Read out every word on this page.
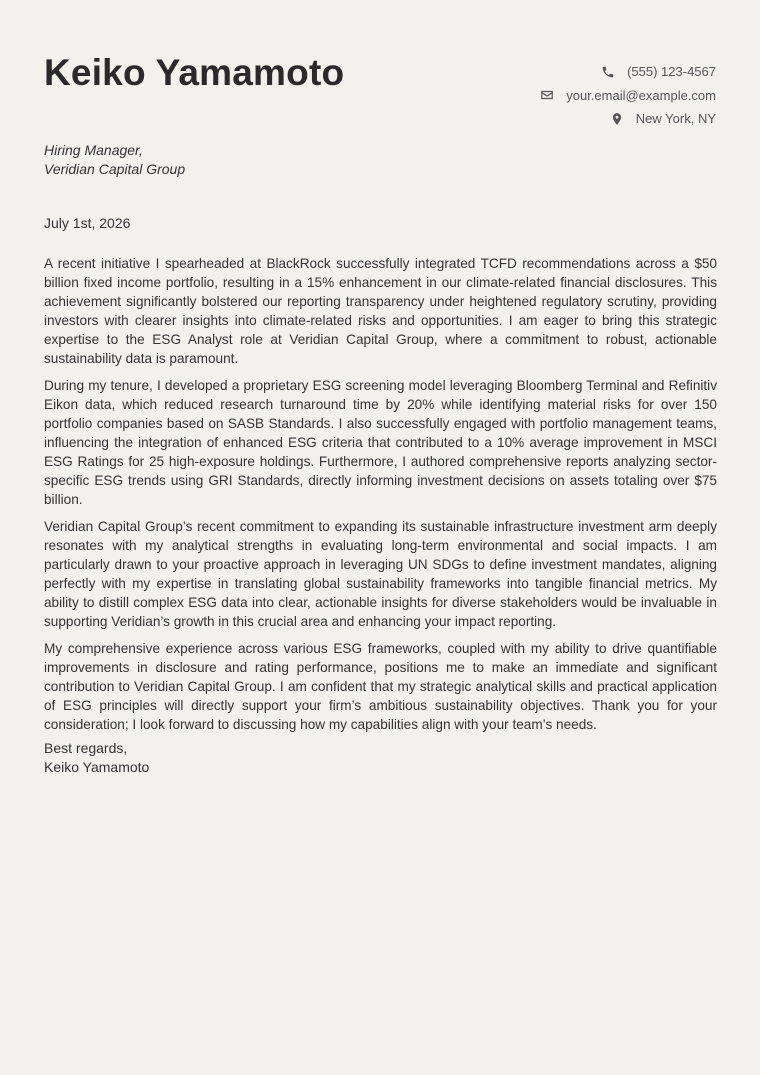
Keiko Yamamoto	(555) 123-4567
your.email@example.com
New York, NY
Hiring Manager,
Veridian Capital Group
July 1st, 2026

A recent initiative I spearheaded at BlackRock successfully integrated TCFD recommendations across a $50 billion fixed income portfolio, resulting in a 15% enhancement in our climate-related financial disclosures. This achievement significantly bolstered our reporting transparency under heightened regulatory scrutiny, providing investors with clearer insights into climate-related risks and opportunities. I am eager to bring this strategic expertise to the ESG Analyst role at Veridian Capital Group, where a commitment to robust, actionable sustainability data is paramount.

During my tenure, I developed a proprietary ESG screening model leveraging Bloomberg Terminal and Refinitiv Eikon data, which reduced research turnaround time by 20% while identifying material risks for over 150 portfolio companies based on SASB Standards. I also successfully engaged with portfolio management teams, influencing the integration of enhanced ESG criteria that contributed to a 10% average improvement in MSCI ESG Ratings for 25 high-exposure holdings. Furthermore, I authored comprehensive reports analyzing sector-specific ESG trends using GRI Standards, directly informing investment decisions on assets totaling over $75 billion.

Veridian Capital Group’s recent commitment to expanding its sustainable infrastructure investment arm deeply resonates with my analytical strengths in evaluating long-term environmental and social impacts. I am particularly drawn to your proactive approach in leveraging UN SDGs to define investment mandates, aligning perfectly with my expertise in translating global sustainability frameworks into tangible financial metrics. My ability to distill complex ESG data into clear, actionable insights for diverse stakeholders would be invaluable in supporting Veridian’s growth in this crucial area and enhancing your impact reporting.

My comprehensive experience across various ESG frameworks, coupled with my ability to drive quantifiable improvements in disclosure and rating performance, positions me to make an immediate and significant contribution to Veridian Capital Group. I am confident that my strategic analytical skills and practical application of ESG principles will directly support your firm’s ambitious sustainability objectives. Thank you for your consideration; I look forward to discussing how my capabilities align with your team’s needs.

Best regards,
Keiko Yamamoto
